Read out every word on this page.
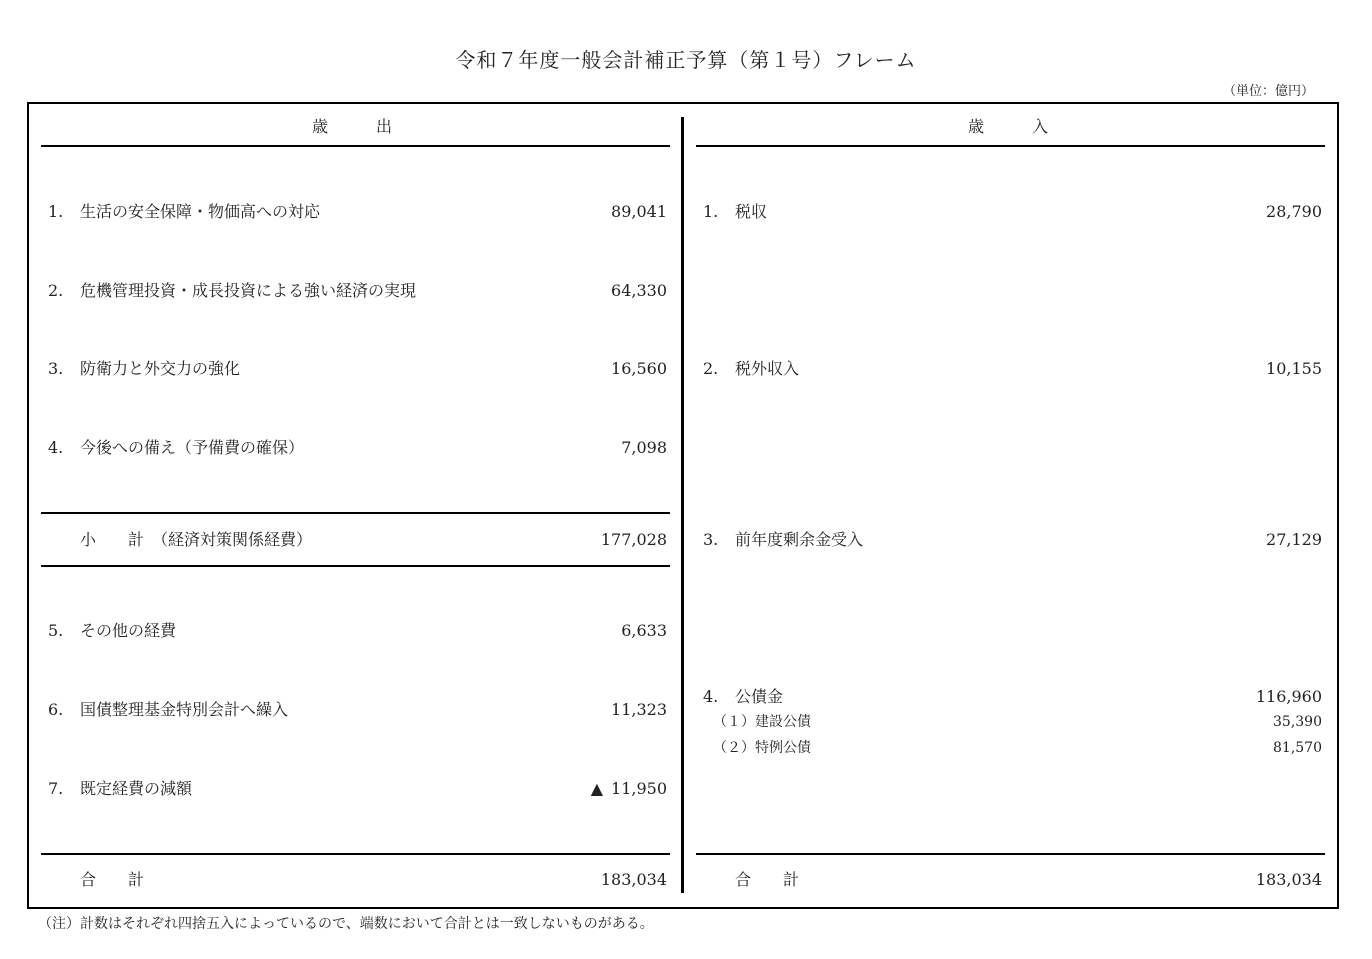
令和７年度一般会計補正予算（第１号）フレーム
（単位：億円）
歳　　　出	歳　　　入
1. 生活の安全保障・物価高への対応	89,041
2. 危機管理投資・成長投資による強い経済の実現	64,330
3. 防衛力と外交力の強化	16,560
4. 今後への備え（予備費の確保）	7,098
小　　計　（経済対策関係経費）	177,028
5. その他の経費	6,633
6. 国債整理基金特別会計へ繰入	11,323
7. 既定経費の減額	▲ 11,950
合　　計	183,034
1. 税収	28,790
2. 税外収入	10,155
3. 前年度剰余金受入	27,129
4. 公債金	116,960
（１）建設公債	35,390
（２）特例公債	81,570
合　　計	183,034
（注）計数はそれぞれ四捨五入によっているので、端数において合計とは一致しないものがある。
